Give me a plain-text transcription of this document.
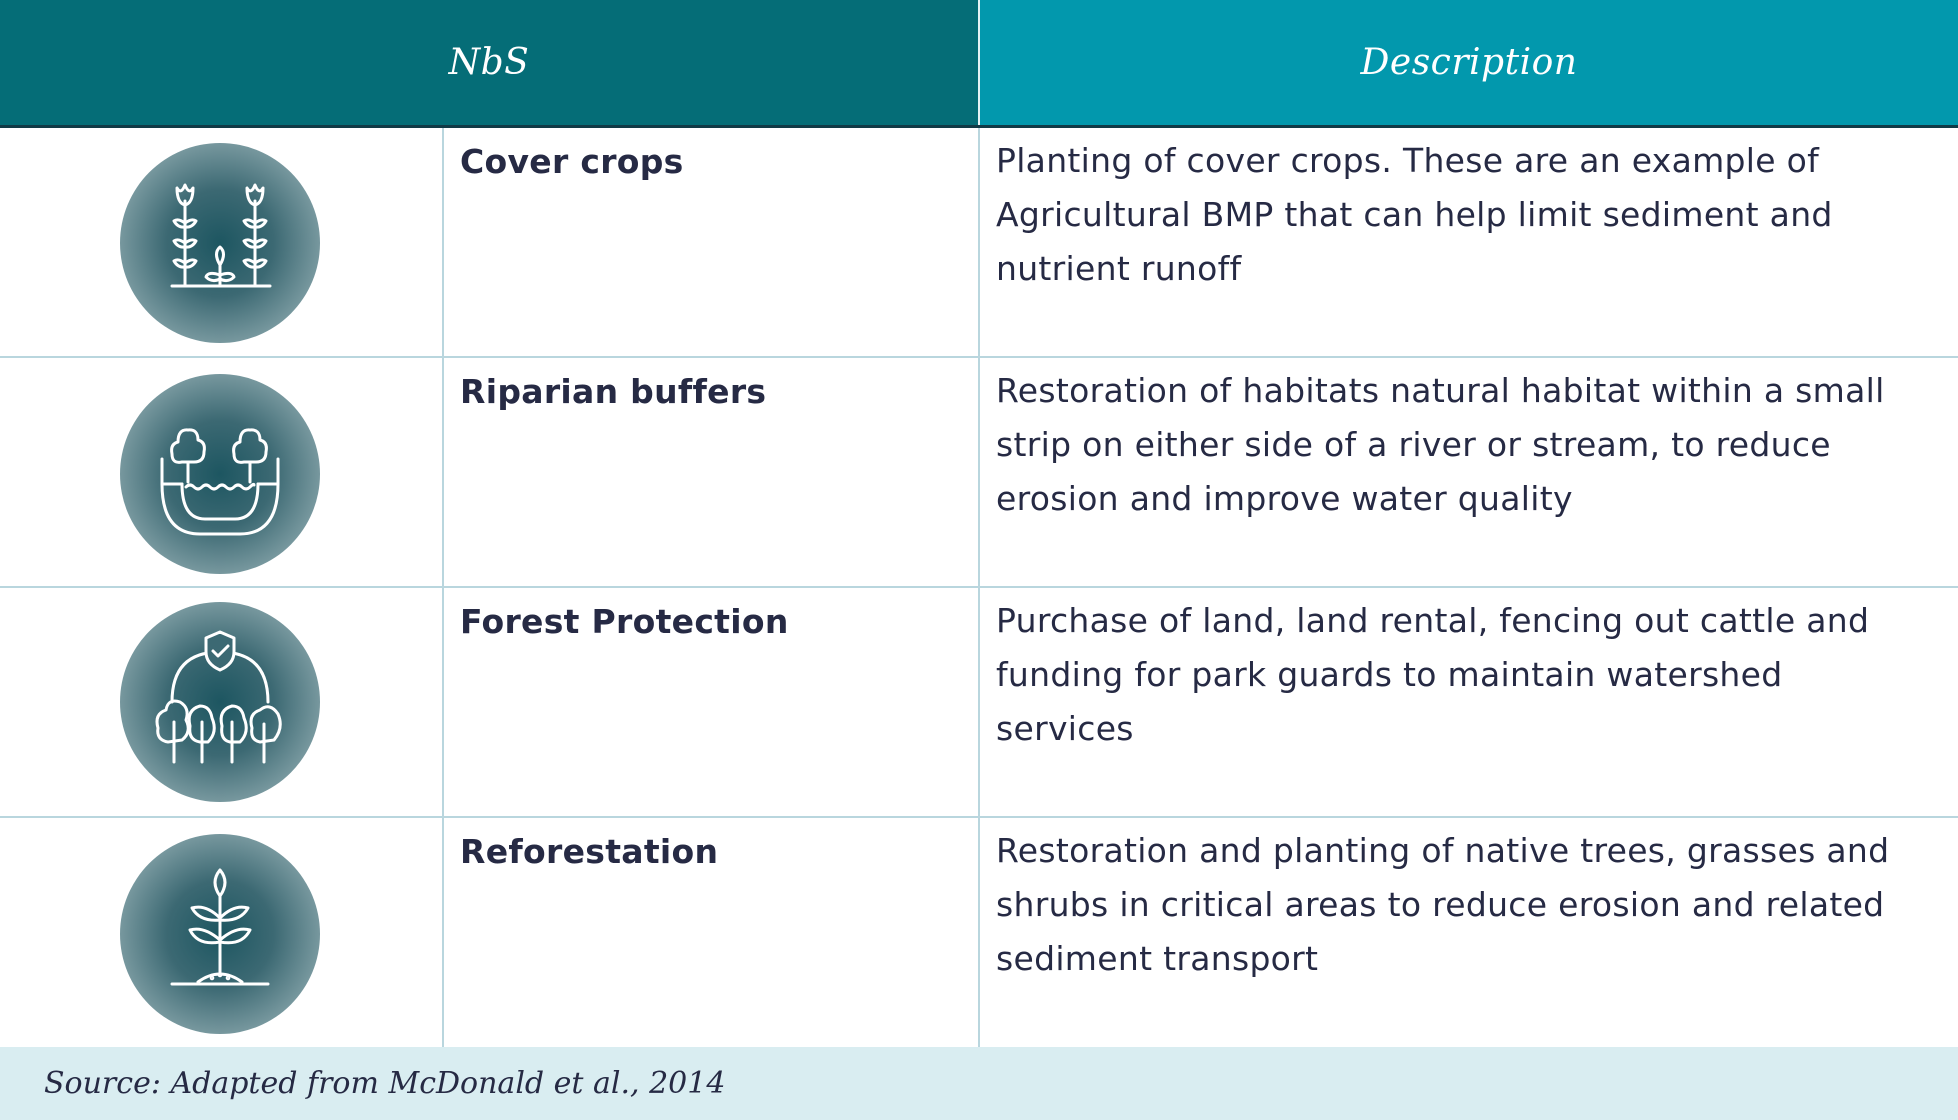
NbS	Description
Cover crops	Planting of cover crops. These are an example of Agricultural BMP that can help limit sediment and nutrient runoff
Riparian buffers	Restoration of habitats natural habitat within a small strip on either side of a river or stream, to reduce erosion and improve water quality
Forest Protection	Purchase of land, land rental, fencing out cattle and funding for park guards to maintain watershed services
Reforestation	Restoration and planting of native trees, grasses and shrubs in critical areas to reduce erosion and related sediment transport
Source: Adapted from McDonald et al., 2014
